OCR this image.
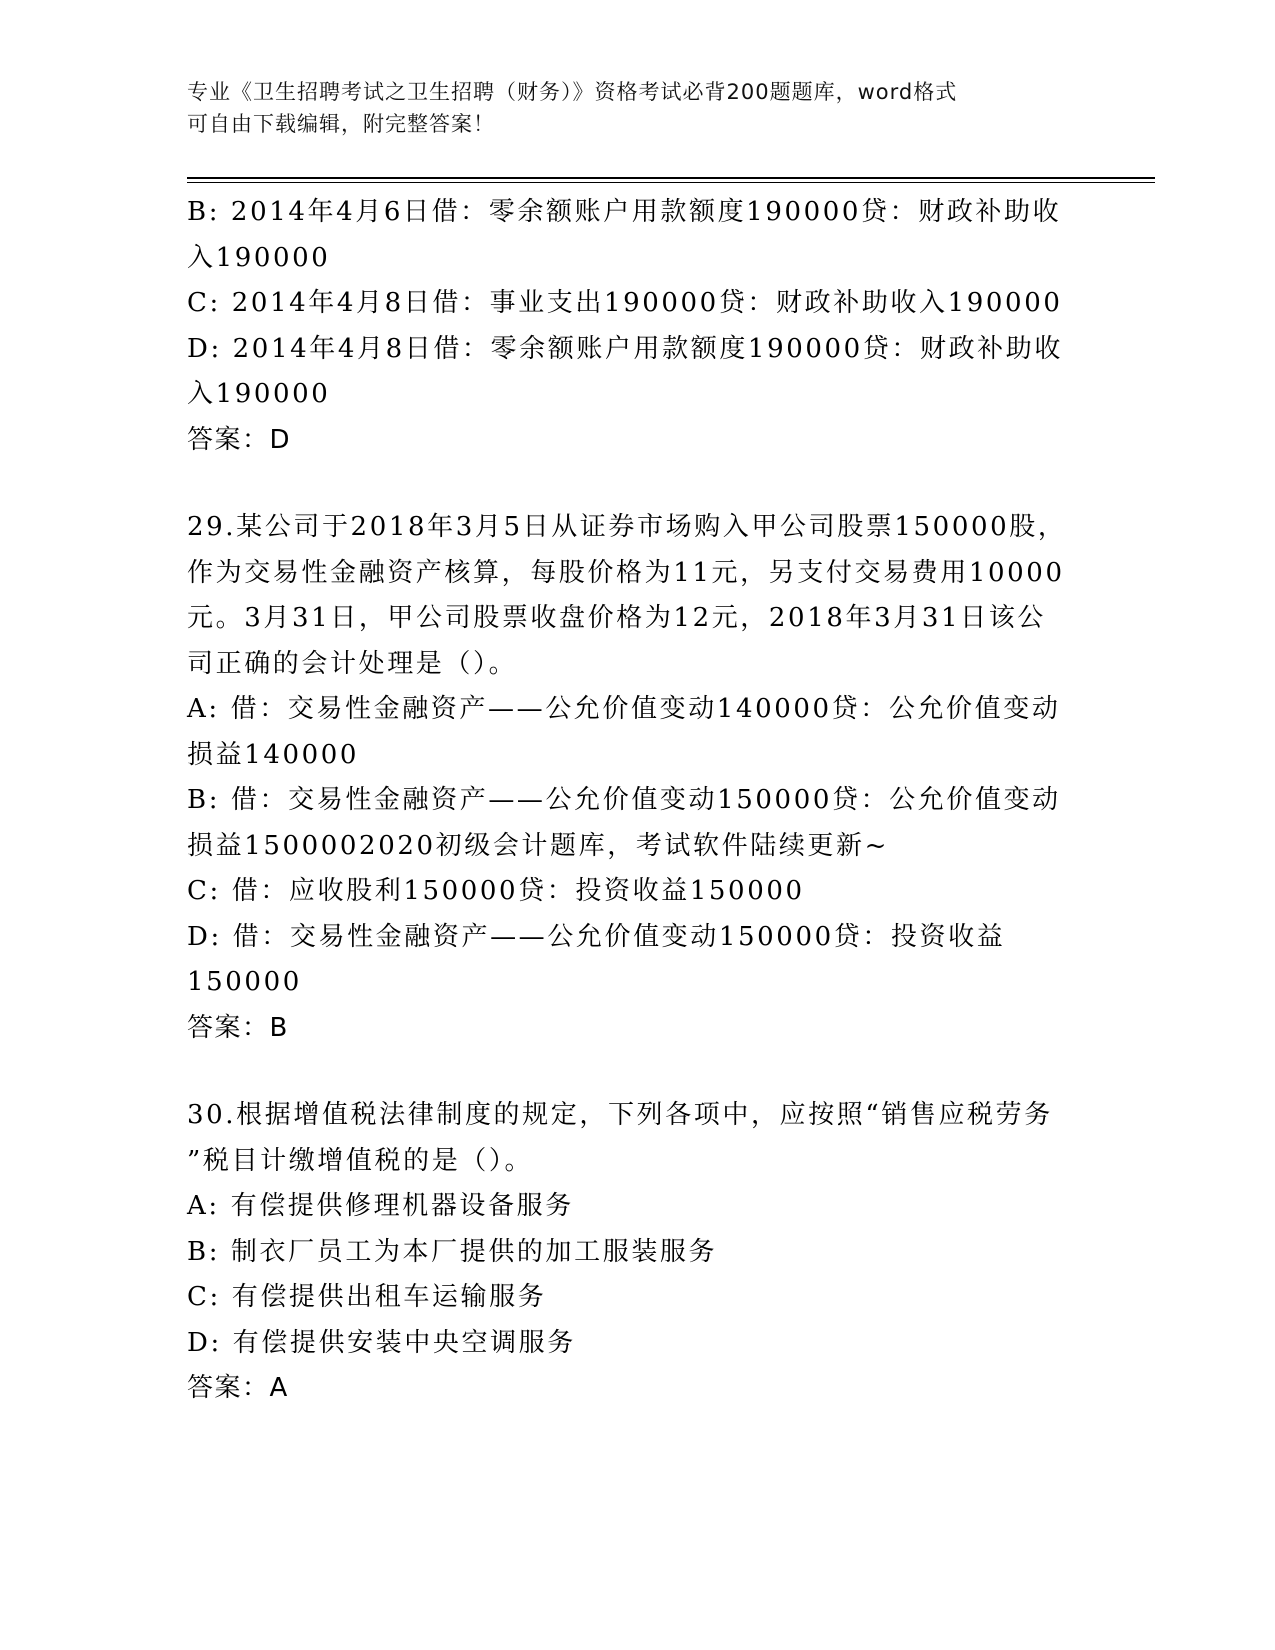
专业《卫生招聘考试之卫生招聘（财务）》资格考试必背200题题库，word格式
可自由下载编辑，附完整答案！
B: 2014年4月6日借：零余额账户用款额度190000贷：财政补助收
入190000
C: 2014年4月8日借：事业支出190000贷：财政补助收入190000
D: 2014年4月8日借：零余额账户用款额度190000贷：财政补助收
入190000
答案：D
29.某公司于2018年3月5日从证券市场购入甲公司股票150000股，
作为交易性金融资产核算，每股价格为11元，另支付交易费用10000
元。3月31日，甲公司股票收盘价格为12元，2018年3月31日该公
司正确的会计处理是（）。
A: 借：交易性金融资产——公允价值变动140000贷：公允价值变动
损益140000
B: 借：交易性金融资产——公允价值变动150000贷：公允价值变动
损益1500002020初级会计题库，考试软件陆续更新~
C: 借：应收股利150000贷：投资收益150000
D: 借：交易性金融资产——公允价值变动150000贷：投资收益
150000
答案：B
30.根据增值税法律制度的规定，下列各项中，应按照“销售应税劳务
”税目计缴增值税的是（）。
A: 有偿提供修理机器设备服务
B: 制衣厂员工为本厂提供的加工服装服务
C: 有偿提供出租车运输服务
D: 有偿提供安装中央空调服务
答案：A
